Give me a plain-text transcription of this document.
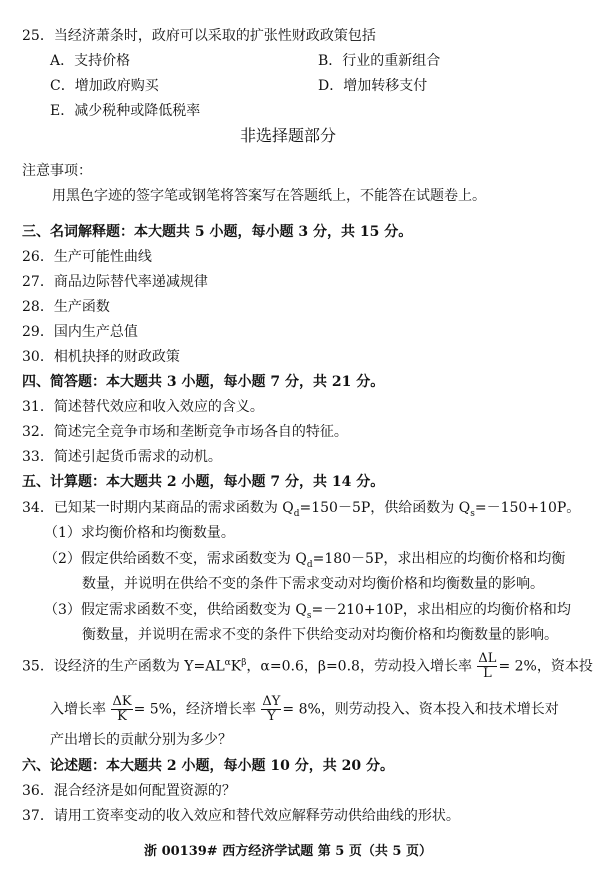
25．当经济萧条时，政府可以采取的扩张性财政政策包括
A．支持价格	B．行业的重新组合
C．增加政府购买	D．增加转移支付
E．减少税种或降低税率
非选择题部分
注意事项：
用黑色字迹的签字笔或钢笔将答案写在答题纸上，不能答在试题卷上。
三、名词解释题：本大题共 5 小题，每小题 3 分，共 15 分。
26．生产可能性曲线
27．商品边际替代率递减规律
28．生产函数
29．国内生产总值
30．相机抉择的财政政策
四、简答题：本大题共 3 小题，每小题 7 分，共 21 分。
31．简述替代效应和收入效应的含义。
32．简述完全竞争市场和垄断竞争市场各自的特征。
33．简述引起货币需求的动机。
五、计算题：本大题共 2 小题，每小题 7 分，共 14 分。
34．已知某一时期内某商品的需求函数为 $Q_d=150-5P$，供给函数为 $Q_s=-150+10P$。
（1）求均衡价格和均衡数量。
（2）假定供给函数不变，需求函数变为 $Q_d=180-5P$，求出相应的均衡价格和均衡
数量，并说明在供给不变的条件下需求变动对均衡价格和均衡数量的影响。
（3）假定需求函数不变，供给函数变为 $Q_s=-210+10P$，求出相应的均衡价格和均
衡数量，并说明在需求不变的条件下供给变动对均衡价格和均衡数量的影响。
35．设经济的生产函数为 $Y=AL^\alpha K^\beta$，α=0.6，β=0.8，劳动投入增长率 $\frac{\Delta L}{L} = 2\%$，资本投
入增长率 $\frac{\Delta K}{K} = 5\%$，经济增长率 $\frac{\Delta Y}{Y} = 8\%$，则劳动投入、资本投入和技术增长对
产出增长的贡献分别为多少？
六、论述题：本大题共 2 小题，每小题 10 分，共 20 分。
36．混合经济是如何配置资源的？
37．请用工资率变动的收入效应和替代效应解释劳动供给曲线的形状。
浙 00139# 西方经济学试题 第 5 页（共 5 页）
